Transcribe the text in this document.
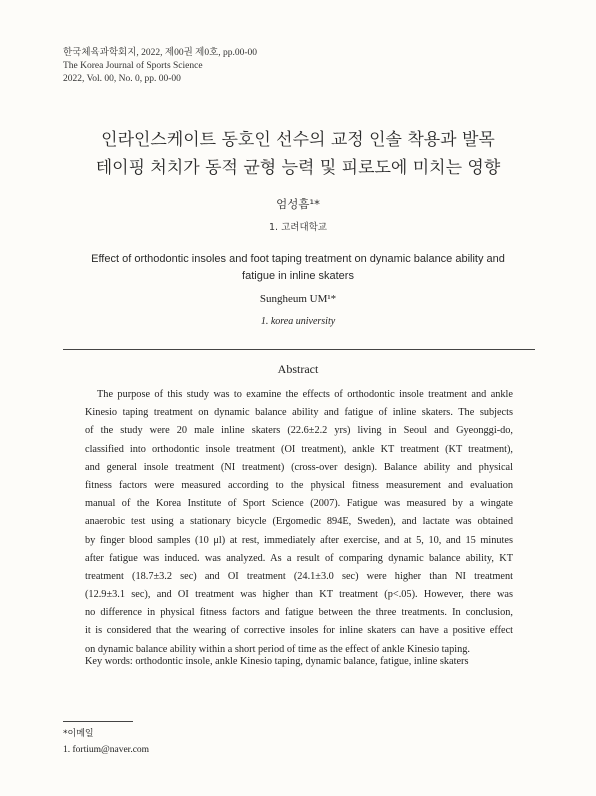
한국체육과학회지, 2022, 제00권 제0호, pp.00-00
The Korea Journal of Sports Science
2022, Vol. 00, No. 0, pp. 00-00
인라인스케이트 동호인 선수의 교정 인솔 착용과 발목
테이핑 처치가 동적 균형 능력 및 피로도에 미치는 영향
엄성흠¹*
1. 고려대학교
Effect of orthodontic insoles and foot taping treatment on dynamic balance ability and fatigue in inline skaters
Sungheum UM¹*
1. korea university
Abstract
The purpose of this study was to examine the effects of orthodontic insole treatment and ankle
Kinesio taping treatment on dynamic balance ability and fatigue of inline skaters. The subjects
of the study were 20 male inline skaters (22.6±2.2 yrs) living in Seoul and Gyeonggi-do,
classified into orthodontic insole treatment (OI treatment), ankle KT treatment (KT treatment),
and general insole treatment (NI treatment) (cross-over design). Balance ability and physical
fitness factors were measured according to the physical fitness measurement and evaluation
manual of the Korea Institute of Sport Science (2007). Fatigue was measured by a wingate
anaerobic test using a stationary bicycle (Ergomedic 894E, Sweden), and lactate was obtained
by finger blood samples (10 μl) at rest, immediately after exercise, and at 5, 10, and 15 minutes
after fatigue was induced. was analyzed. As a result of comparing dynamic balance ability, KT
treatment (18.7±3.2 sec) and OI treatment (24.1±3.0 sec) were higher than NI treatment
(12.9±3.1 sec), and OI treatment was higher than KT treatment (p<.05). However, there was
no difference in physical fitness factors and fatigue between the three treatments. In conclusion,
it is considered that the wearing of corrective insoles for inline skaters can have a positive effect
on dynamic balance ability within a short period of time as the effect of ankle Kinesio taping.
Key words: orthodontic insole, ankle Kinesio taping, dynamic balance, fatigue, inline skaters
*이메일
1. fortium@naver.com
